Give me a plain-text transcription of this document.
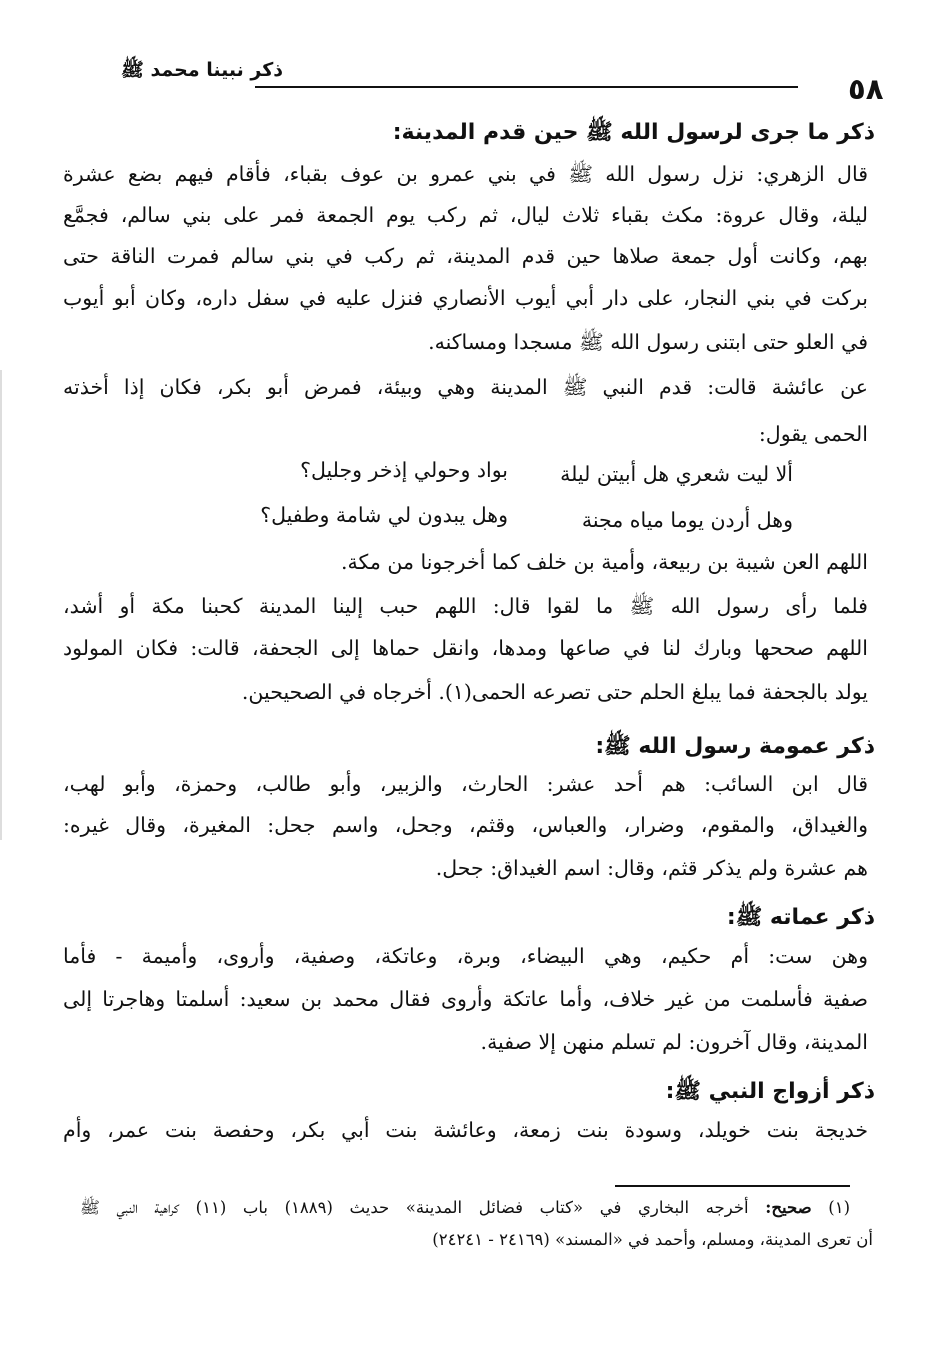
ذكر نبينا محمد ﷺ
٥٨
ذكر ما جرى لرسول الله ﷺ حين قدم المدينة:
قال الزهري: نزل رسول الله ﷺ في بني عمرو بن عوف بقباء، فأقام فيهم بضع عشرة
ليلة، وقال عروة: مكث بقباء ثلاث ليال، ثم ركب يوم الجمعة فمر على بني سالم، فجمَّع
بهم، وكانت أول جمعة صلاها حين قدم المدينة، ثم ركب في بني سالم فمرت الناقة حتى
بركت في بني النجار، على دار أبي أيوب الأنصاري فنزل عليه في سفل داره، وكان أبو أيوب
في العلو حتى ابتنى رسول الله ﷺ مسجدا ومساكنه.
عن عائشة قالت: قدم النبي ﷺ المدينة وهي وبيئة، فمرض أبو بكر، فكان إذا أخذته
الحمى يقول:
ألا ليت شعري هل أبيتن ليلة
بواد وحولي إذخر وجليل؟
وهل أردن يوما مياه مجنة
وهل يبدون لي شامة وطفيل؟
اللهم العن شيبة بن ربيعة، وأمية بن خلف كما أخرجونا من مكة.
فلما رأى رسول الله ﷺ ما لقوا قال: اللهم حبب إلينا المدينة كحبنا مكة أو أشد،
اللهم صححها وبارك لنا في صاعها ومدها، وانقل حماها إلى الجحفة، قالت: فكان المولود
يولد بالجحفة فما يبلغ الحلم حتى تصرعه الحمى(١). أخرجاه في الصحيحين.
ذكر عمومة رسول الله ﷺ:
قال ابن السائب: هم أحد عشر: الحارث، والزبير، وأبو طالب، وحمزة، وأبو لهب،
والغيداق، والمقوم، وضرار، والعباس، وقثم، وجحل، واسم جحل: المغيرة، وقال غيره:
هم عشرة ولم يذكر قثم، وقال: اسم الغيداق: جحل.
ذكر عماته ﷺ:
وهن ست: أم حكيم، وهي البيضاء، وبرة، وعاتكة، وصفية، وأروى، وأميمة - فأما
صفية فأسلمت من غير خلاف، وأما عاتكة وأروى فقال محمد بن سعيد: أسلمتا وهاجرتا إلى
المدينة، وقال آخرون: لم تسلم منهن إلا صفية.
ذكر أزواج النبي ﷺ:
خديجة بنت خويلد، وسودة بنت زمعة، وعائشة بنت أبي بكر، وحفصة بنت عمر، وأم
(١) صحيح: أخرجه البخاري في «كتاب فضائل المدينة» حديث (١٨٨٩) باب (١١) كراهية النبي ﷺ
أن تعرى المدينة، ومسلم، وأحمد في «المسند» (٢٤١٦٩ - ٢٤٢٤١)
